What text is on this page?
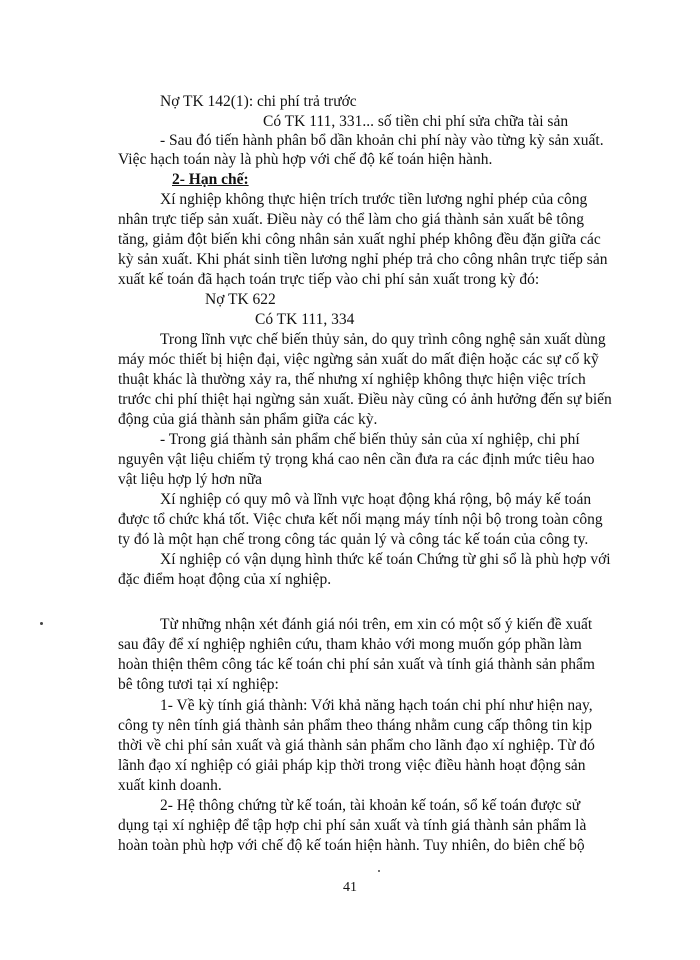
Nợ TK 142(1): chi phí trả trước
Có TK 111, 331... số tiền chi phí sửa chữa tài sản
- Sau đó tiến hành phân bổ dần khoản chi phí này vào từng kỳ sản xuất.
Việc hạch toán này là phù hợp với chế độ kế toán hiện hành.
2- Hạn chế:
Xí nghiệp không thực hiện trích trước tiền lương nghỉ phép của công
nhân trực tiếp sản xuất. Điều này có thể làm cho giá thành sản xuất bê tông
tăng, giảm đột biến khi công nhân sản xuất nghỉ phép không đều đặn giữa các
kỳ sản xuất. Khi phát sinh tiền lương nghỉ phép trả cho công nhân trực tiếp sản
xuất kế toán đã hạch toán trực tiếp vào chi phí sản xuất trong kỳ đó:
Nợ TK 622
Có TK 111, 334
Trong lĩnh vực chế biến thủy sản, do quy trình công nghệ sản xuất dùng
máy móc thiết bị hiện đại, việc ngừng sản xuất do mất điện hoặc các sự cố kỹ
thuật khác là thường xảy ra, thế nhưng xí nghiệp không thực hiện việc trích
trước chi phí thiệt hại ngừng sản xuất. Điều này cũng có ảnh hưởng đến sự biến
động của giá thành sản phẩm giữa các kỳ.
- Trong giá thành sản phẩm chế biến thủy sản của xí nghiệp, chi phí
nguyên vật liệu chiếm tỷ trọng khá cao nên cần đưa ra các định mức tiêu hao
vật liệu hợp lý hơn nữa
Xí nghiệp có quy mô và lĩnh vực hoạt động khá rộng, bộ máy kế toán
được tổ chức khá tốt. Việc chưa kết nối mạng máy tính nội bộ trong toàn công
ty đó là một hạn chế trong công tác quản lý và công tác kế toán của công ty.
Xí nghiệp có vận dụng hình thức kế toán Chứng từ ghi sổ là phù hợp với
đặc điểm hoạt động của xí nghiệp.
Từ những nhận xét đánh giá nói trên, em xin có một số ý kiến đề xuất
sau đây để xí nghiệp nghiên cứu, tham khảo với mong muốn góp phần làm
hoàn thiện thêm công tác kế toán chi phí sản xuất và tính giá thành sản phẩm
bê tông tươi tại xí nghiệp:
1- Về kỳ tính giá thành: Với khả năng hạch toán chi phí như hiện nay,
công ty nên tính giá thành sản phẩm theo tháng nhằm cung cấp thông tin kịp
thời về chi phí sản xuất và giá thành sản phẩm cho lãnh đạo xí nghiệp. Từ đó
lãnh đạo xí nghiệp có giải pháp kịp thời trong việc điều hành hoạt động sản
xuất kinh doanh.
2- Hệ thông chứng từ kế toán, tài khoản kế toán, sổ kế toán được sử
dụng tại xí nghiệp để tập hợp chi phí sản xuất và tính giá thành sản phẩm là
hoàn toàn phù hợp với chế độ kế toán hiện hành. Tuy nhiên, do biên chế bộ
41
